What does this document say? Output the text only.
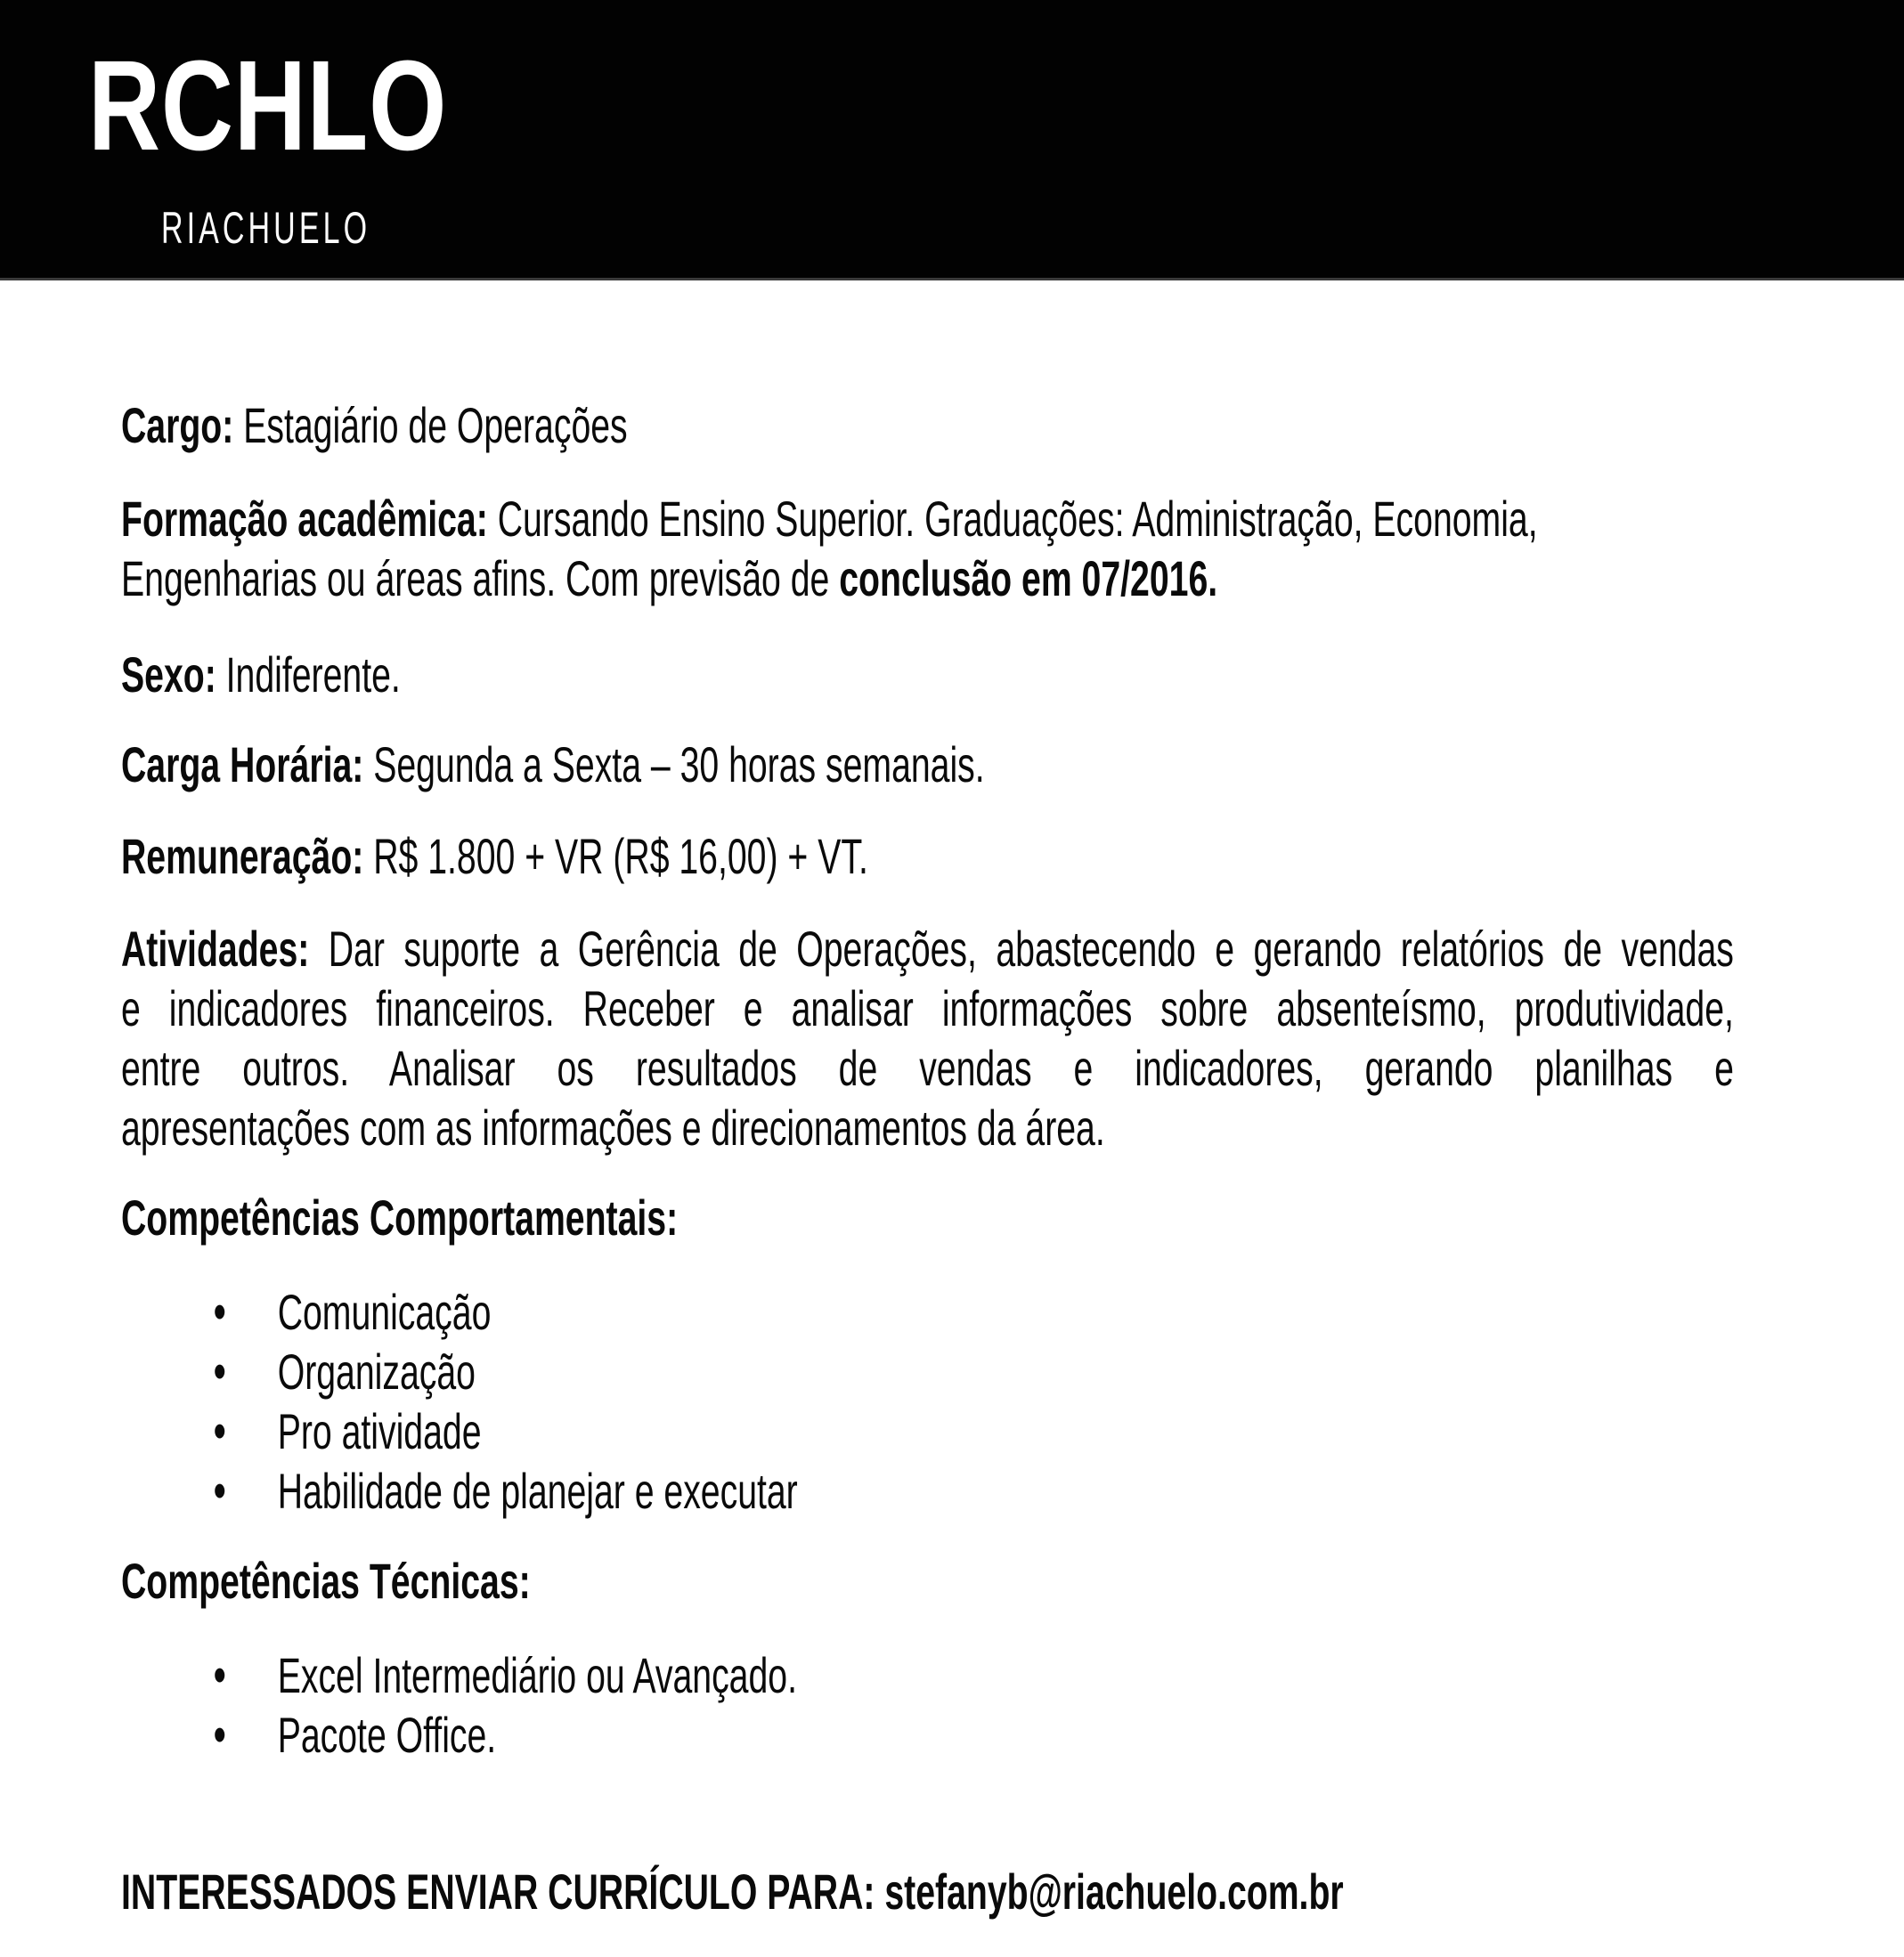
RCHLO
RIACHUELO

Cargo: Estagiário de Operações

Formação acadêmica: Cursando Ensino Superior. Graduações: Administração, Economia,

Engenharias ou áreas afins. Com previsão de conclusão em 07/2016.

Sexo: Indiferente.

Carga Horária: Segunda a Sexta – 30 horas semanais.

Remuneração: R$ 1.800 + VR (R$ 16,00) + VT.

Atividades: Dar suporte a Gerência de Operações, abastecendo e gerando relatórios de vendas

e indicadores financeiros. Receber e analisar informações sobre absenteísmo, produtividade,

entre outros. Analisar os resultados de vendas e indicadores, gerando planilhas e

apresentações com as informações e direcionamentos da área.

Competências Comportamentais:
•	Comunicação
•	Organização
•	Pro atividade
•	Habilidade de planejar e executar
Competências Técnicas:
•	Excel Intermediário ou Avançado.
•	Pacote Office.

INTERESSADOS ENVIAR CURRÍCULO PARA: stefanyb@riachuelo.com.br
